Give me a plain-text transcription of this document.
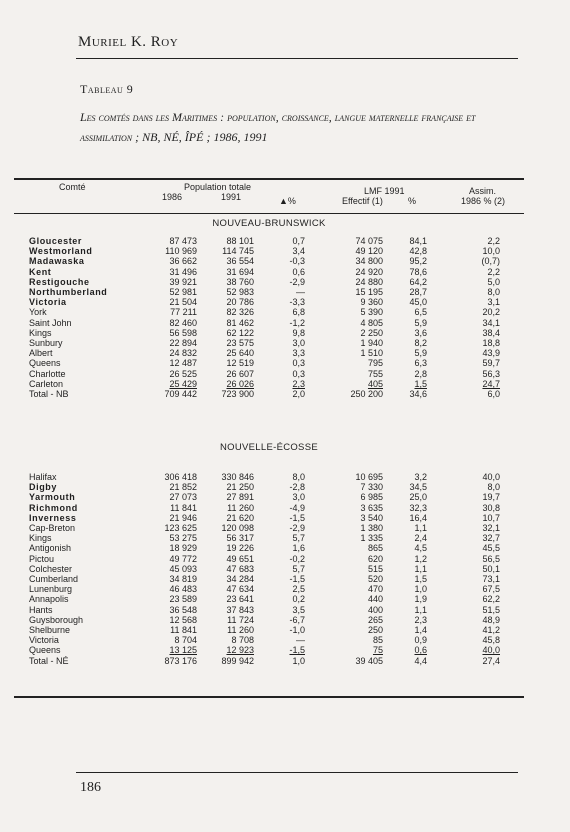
Muriel K. Roy
Tableau 9
Les comtés dans les Maritimes : population, croissance, langue maternelle française et assimilation ; NB, NÉ, ÎPÉ ; 1986, 1991
Comté	Population totale
1986	1991	▲%
LMF 1991
Effectif (1)	%
Assim.
1986 % (2)
NOUVEAU-BRUNSWICK
Gloucester	87 473	88 101	0,7	74 075	84,1	2,2
Westmorland	110 969	114 745	3,4	49 120	42,8	10,0
Madawaska	36 662	36 554	-0,3	34 800	95,2	(0,7)
Kent	31 496	31 694	0,6	24 920	78,6	2,2
Restigouche	39 921	38 760	-2,9	24 880	64,2	5,0
Northumberland	52 981	52 983	—	15 195	28,7	8,0
Victoria	21 504	20 786	-3,3	9 360	45,0	3,1
York	77 211	82 326	6,8	5 390	6,5	20,2
Saint John	82 460	81 462	-1,2	4 805	5,9	34,1
Kings	56 598	62 122	9,8	2 250	3,6	38,4
Sunbury	22 894	23 575	3,0	1 940	8,2	18,8
Albert	24 832	25 640	3,3	1 510	5,9	43,9
Queens	12 487	12 519	0,3	795	6,3	59,7
Charlotte	26 525	26 607	0,3	755	2,8	56,3
Carleton	25 429	26 026	2,3	405	1,5	24,7
Total - NB	709 442	723 900	2,0	250 200	34,6	6,0
NOUVELLE-ÉCOSSE
Halifax	306 418	330 846	8,0	10 695	3,2	40,0
Digby	21 852	21 250	-2,8	7 330	34,5	8,0
Yarmouth	27 073	27 891	3,0	6 985	25,0	19,7
Richmond	11 841	11 260	-4,9	3 635	32,3	30,8
Inverness	21 946	21 620	-1,5	3 540	16,4	10,7
Cap-Breton	123 625	120 098	-2,9	1 380	1,1	32,1
Kings	53 275	56 317	5,7	1 335	2,4	32,7
Antigonish	18 929	19 226	1,6	865	4,5	45,5
Pictou	49 772	49 651	-0,2	620	1,2	56,5
Colchester	45 093	47 683	5,7	515	1,1	50,1
Cumberland	34 819	34 284	-1,5	520	1,5	73,1
Lunenburg	46 483	47 634	2,5	470	1,0	67,5
Annapolis	23 589	23 641	0,2	440	1,9	62,2
Hants	36 548	37 843	3,5	400	1,1	51,5
Guysborough	12 568	11 724	-6,7	265	2,3	48,9
Shelburne	11 841	11 260	-1,0	250	1,4	41,2
Victoria	8 704	8 708	—	85	0,9	45,8
Queens	13 125	12 923	-1,5	75	0,6	40,0
Total - NÉ	873 176	899 942	1,0	39 405	4,4	27,4
186
